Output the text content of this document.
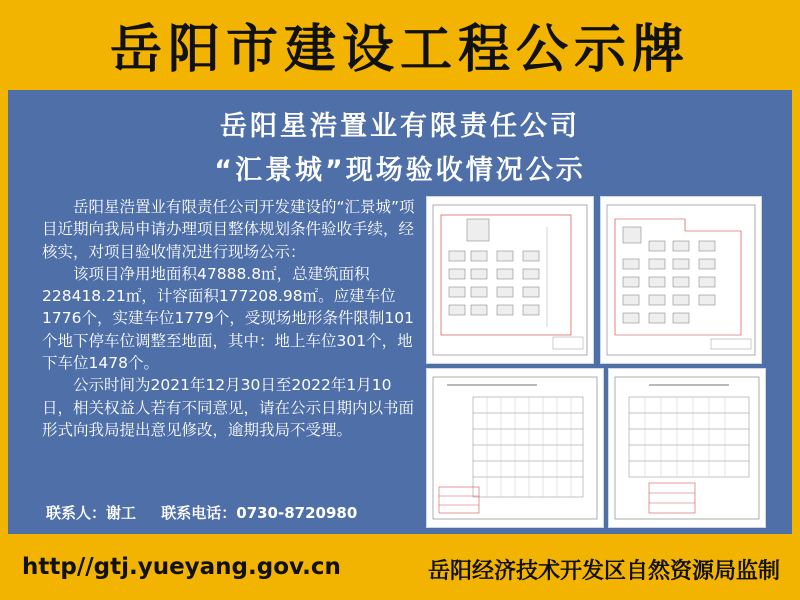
岳阳市建设工程公示牌
岳阳星浩置业有限责任公司
“汇景城”现场验收情况公示

岳阳星浩置业有限责任公司开发建设的“汇景城”项目近期向我局申请办理项目整体规划条件验收手续，经核实，对项目验收情况进行现场公示：

该项目净用地面积47888.8㎡，总建筑面积228418.21㎡，计容面积177208.98㎡。应建车位1776个，实建车位1779个，受现场地形条件限制101个地下停车位调整至地面，其中：地上车位301个，地下车位1478个。

公示时间为2021年12月30日至2022年1月10日，相关权益人若有不同意见，请在公示日期内以书面形式向我局提出意见修改，逾期我局不受理。

联系人：谢工 联系电话：0730-8720980
http//gtj.yueyang.gov.cn	岳阳经济技术开发区自然资源局监制
